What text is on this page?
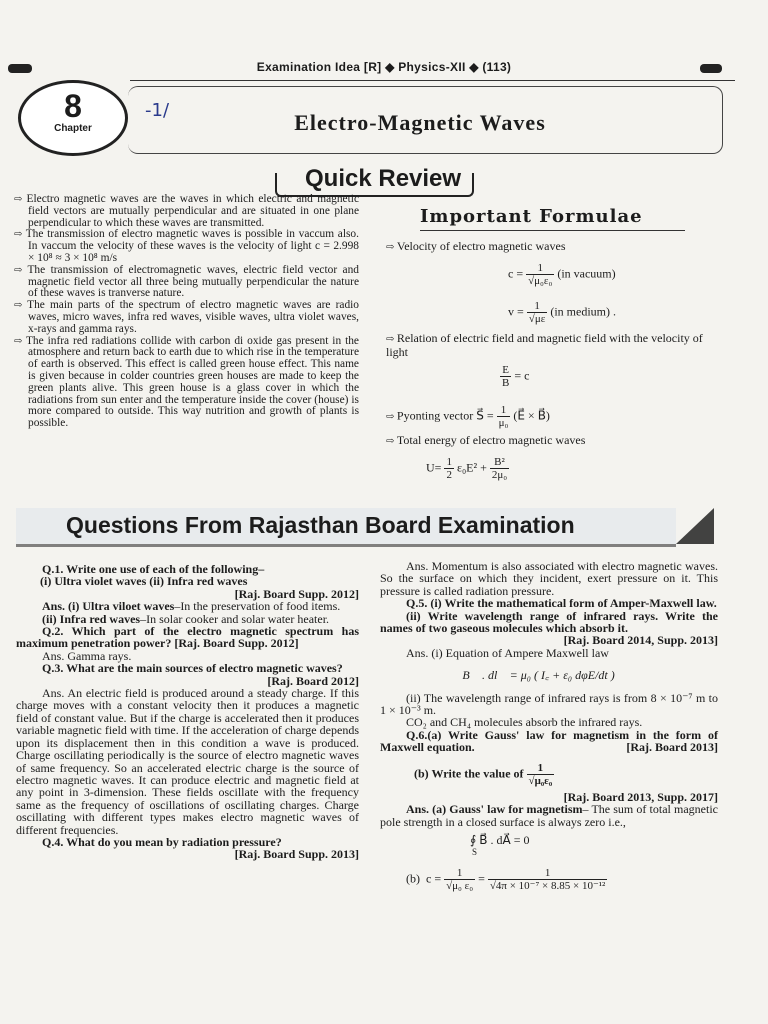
Examination Idea [R] ◆ Physics-XII ◆ (113)
8
Chapter
-1/	Electro-Magnetic Waves
Quick Review

⇨ Electro magnetic waves are the waves in which electric and magnetic field vectors are mutually perpendicular and are situated in one plane perpendicular to which these waves are transmitted.

⇨ The transmission of electro magnetic waves is possible in vaccum also. In vaccum the velocity of these waves is the velocity of light c = 2.998 × 10⁸ ≈ 3 × 10⁸ m/s

⇨ The transmission of electromagnetic waves, electric field vector and magnetic field vector all three being mutually perpendicular the nature of these waves is tranverse nature.

⇨ The main parts of the spectrum of electro magnetic waves are radio waves, micro waves, infra red waves, visible waves, ultra violet waves, x-rays and gamma rays.

⇨ The infra red radiations collide with carbon di oxide gas present in the atmosphere and return back to earth due to which rise in the temperature of earth is observed. This effect is called green house effect. This name is given because in colder countries green houses are made to keep the green plants alive. This green house is a glass cover in which the radiations from sun enter and the temperature inside the cover (house) is more compared to outside. This way nutrition and growth of plants is possible.

Important Formulae
⇨ Velocity of electro magnetic waves
$c = \frac{1}{\text{√μ₀ε₀}} (in$ vacuum)
$v = \frac{1}{√\mu\varepsilon} (in$ medium) .
⇨ Relation of electric field and magnetic field with the velocity of light
$\frac{E}{B} = c$
⇨ Pyonting vector S⃗ = $\frac{1}{\text{μ₀}}$ (E⃗ × B⃗)
⇨ Total energy of electro magnetic waves
$U= \frac{1}{2} \varepsilon_0E^2 + \frac{\text{B²}}{\text{2μ₀}}$
Questions From Rajasthan Board Examination

Q.1. Write one use of each of the following–

(i) Ultra violet waves (ii) Infra red waves

[Raj. Board Supp. 2012]

Ans. (i) Ultra viloet waves–In the preservation of food items.

(ii) Infra red waves–In solar cooker and solar water heater.

Q.2. Which part of the electro magnetic spectrum has maximum penetration power? [Raj. Board Supp. 2012]

Ans. Gamma rays.

Q.3. What are the main sources of electro magnetic waves?
[Raj. Board 2012]

Ans. An electric field is produced around a steady charge. If this charge moves with a constant velocity then it produces a magnetic field of constant value. But if the charge is accelerated then it produces variable magnetic field with time. If the acceleration of charge depends upon its displacement then in this condition a wave is produced. Charge oscillating periodically is the source of electro magnetic waves of same frequency. So an accelerated electric charge is the source of electro magnetic waves. It can produce electric and magnetic field at any point in 3-dimension. These fields oscillate with the frequency same as the frequency of oscillations of oscillating charges. Charge oscillating with different types makes electro magnetic waves of different frequencies.

Q.4. What do you mean by radiation pressure?

[Raj. Board Supp. 2013]

Ans. Momentum is also associated with electro magnetic waves. So the surface on which they incident, exert pressure on it. This pressure is called radiation pressure.

Q.5. (i) Write the mathematical form of Amper-Maxwell law.

(ii) Write wavelength range of infrared rays. Write the names of two gaseous molecules which absorb it.

[Raj. Board 2014, Supp. 2013]

Ans. (i) Equation of Ampere Maxwell law

∮ B⃗ . dl⃗ = μ₀ ( I꜀ + ε₀ dφE/dt )

(ii) The wavelength range of infrared rays is from 8 × 10⁻⁷ m to 1 × 10⁻³ m.

CO₂ and CH₄ molecules absorb the infrared rays.

Q.6.(a) Write Gauss' law for magnetism in the form of Maxwell equation.	[Raj. Board 2013]

(b) Write the value of $\frac{1}{\text{√μ₀ε₀}}$

[Raj. Board 2013, Supp. 2017]

Ans. (a) Gauss' law for magnetism– The sum of total magnetic pole strength in a closed surface is always zero i.e.,

∮ B⃗ . dA⃗ = 0

S

(b) $c = \frac{1}{\text{√μ₀ ε₀}} = \frac{1}{\text{√4π × 10⁻⁷ × 8.85 × 10⁻¹²}}$
